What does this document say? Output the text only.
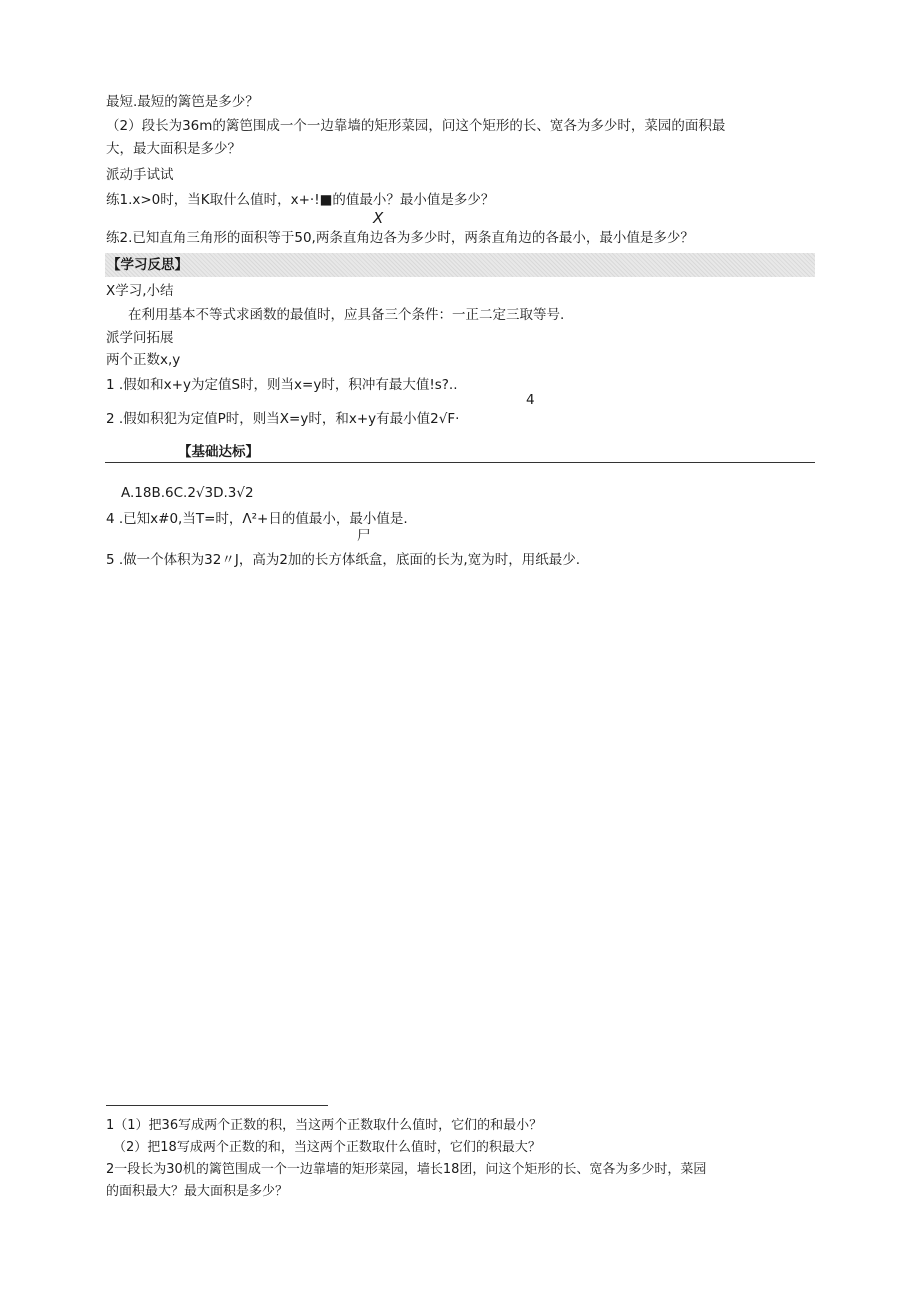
最短.最短的篱笆是多少？
（2）段长为36m的篱笆围成一个一边靠墙的矩形菜园，问这个矩形的长、宽各为多少时，菜园的面积最
大，最大面积是多少？
派动手试试
练1.x>0时，当K取什么值时，x+·!■的值最小？最小值是多少？
X
练2.已知直角三角形的面积等于50,两条直角边各为多少时，两条直角边的各最小，最小值是多少？
【学习反思】
X学习,小结
在利用基本不等式求函数的最值时，应具备三个条件：一正二定三取等号.
派学问拓展
两个正数x,y
1 .假如和x+y为定值S时，则当x=y时，积冲有最大值!s?..
4
2 .假如积犯为定值P时，则当X=y时，和x+y有最小值2√F·
【基础达标】
A.18B.6C.2√3D.3√2
4 .已知x#0,当T=时，Λ²+日的值最小，最小值是.
尸
5 .做一个体积为32〃J，高为2加的长方体纸盒，底面的长为,宽为时，用纸最少.
1（1）把36写成两个正数的积，当这两个正数取什么值时，它们的和最小？
（2）把18写成两个正数的和，当这两个正数取什么值时，它们的积最大？
2一段长为30机的篱笆围成一个一边靠墙的矩形菜园，墙长18团，问这个矩形的长、宽各为多少时，菜园
的面积最大？最大面积是多少？
